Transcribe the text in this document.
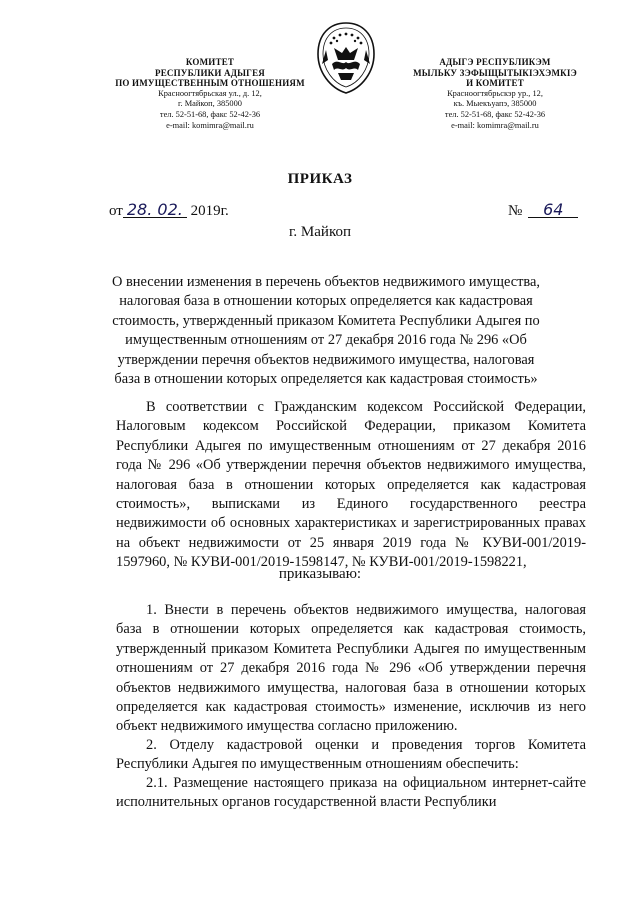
КОМИТЕТ
РЕСПУБЛИКИ АДЫГЕЯ
ПО ИМУЩЕСТВЕННЫМ ОТНОШЕНИЯМ
Красноогтябрьская ул., д. 12,
г. Майкоп, 385000
тел. 52-51-68, факс 52-42-36
e-mail: komimra@mail.ru
АДЫГЭ РЕСПУБЛИКЭМ
МЫЛЬКУ ЗЭФЫЩЫТЫКIЭХЭМКIЭ
И КОМИТЕТ
Красноогтябрьскэр ур., 12,
къ. Мыекъуапэ, 385000
тел. 52-51-68, факс 52-42-36
e-mail: komimra@mail.ru
ПРИКАЗ
от 28. 02. 2019г.	№ 64
г. Майкоп
О внесении изменения в перечень объектов недвижимого имущества, налоговая база в отношении которых определяется как кадастровая стоимость, утвержденный приказом Комитета Республики Адыгея по имущественным отношениям от 27 декабря 2016 года № 296 «Об утверждении перечня объектов недвижимого имущества, налоговая база в отношении которых определяется как кадастровая стоимость»
В соответствии с Гражданским кодексом Российской Федерации, Налоговым кодексом Российской Федерации, приказом Комитета Республики Адыгея по имущественным отношениям от 27 декабря 2016 года № 296 «Об утверждении перечня объектов недвижимого имущества, налоговая база в отношении которых определяется как кадастровая стоимость», выписками из Единого государственного реестра недвижимости об основных характеристиках и зарегистрированных правах на объект недвижимости от 25 января 2019 года № КУВИ-001/2019-1597960, № КУВИ-001/2019-1598147, № КУВИ-001/2019-1598221,
приказываю:
1. Внести в перечень объектов недвижимого имущества, налоговая база в отношении которых определяется как кадастровая стоимость, утвержденный приказом Комитета Республики Адыгея по имущественным отношениям от 27 декабря 2016 года № 296 «Об утверждении перечня объектов недвижимого имущества, налоговая база в отношении которых определяется как кадастровая стоимость» изменение, исключив из него объект недвижимого имущества согласно приложению.
2. Отделу кадастровой оценки и проведения торгов Комитета Республики Адыгея по имущественным отношениям обеспечить:
2.1. Размещение настоящего приказа на официальном интернет-сайте исполнительных органов государственной власти Республики
